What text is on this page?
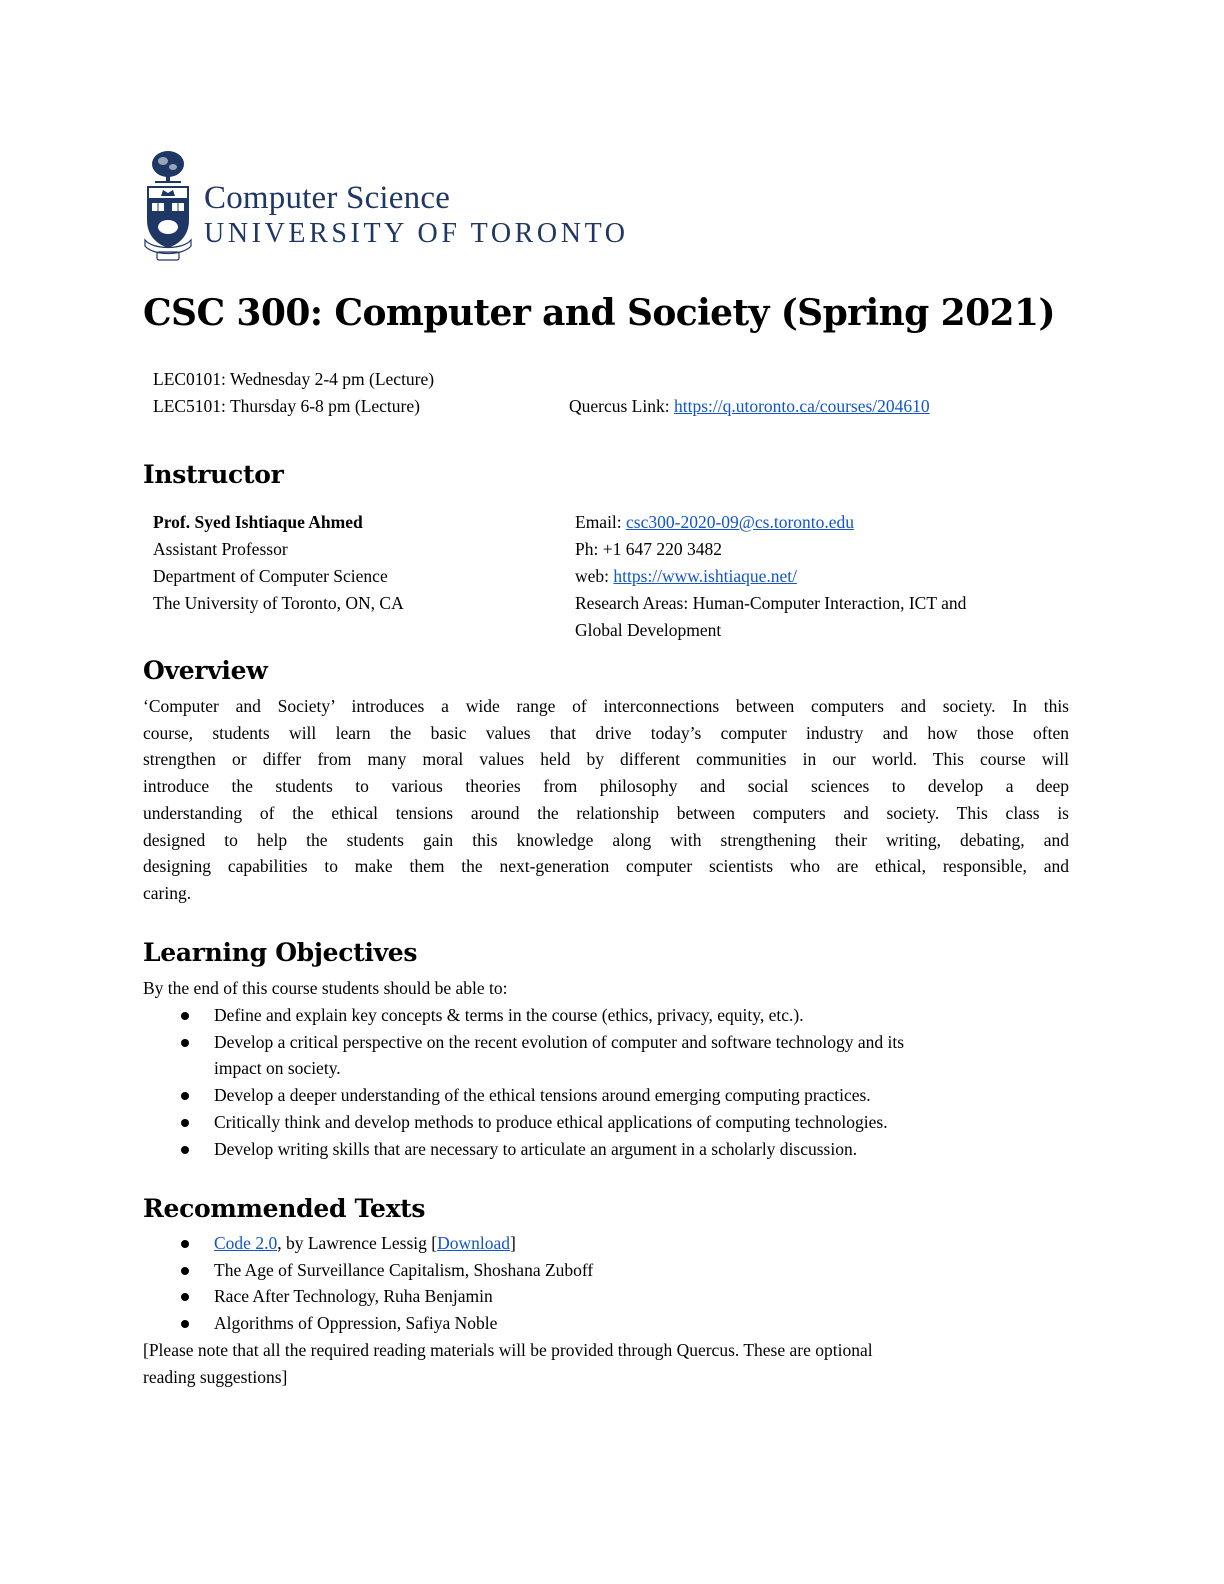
Computer Science
UNIVERSITY OF TORONTO
CSC 300: Computer and Society (Spring 2021)
LEC0101: Wednesday 2-4 pm (Lecture)
LEC5101: Thursday 6-8 pm (Lecture)	Quercus Link: https://q.utoronto.ca/courses/204610
Instructor
Prof. Syed Ishtiaque Ahmed
Assistant Professor
Department of Computer Science
The University of Toronto, ON, CA
Email: csc300-2020-09@cs.toronto.edu
Ph: +1 647 220 3482
web: https://www.ishtiaque.net/
Research Areas: Human-Computer Interaction, ICT and
Global Development
Overview
‘Computer and Society’ introduces a wide range of interconnections between computers and society. In this
course, students will learn the basic values that drive today’s computer industry and how those often
strengthen or differ from many moral values held by different communities in our world. This course will
introduce the students to various theories from philosophy and social sciences to develop a deep
understanding of the ethical tensions around the relationship between computers and society. This class is
designed to help the students gain this knowledge along with strengthening their writing, debating, and
designing capabilities to make them the next-generation computer scientists who are ethical, responsible, and
caring.
Learning Objectives
By the end of this course students should be able to:
Define and explain key concepts & terms in the course (ethics, privacy, equity, etc.).
Develop a critical perspective on the recent evolution of computer and software technology and its
impact on society.
Develop a deeper understanding of the ethical tensions around emerging computing practices.
Critically think and develop methods to produce ethical applications of computing technologies.
Develop writing skills that are necessary to articulate an argument in a scholarly discussion.
Recommended Texts
Code 2.0, by Lawrence Lessig [Download]
The Age of Surveillance Capitalism, Shoshana Zuboff
Race After Technology, Ruha Benjamin
Algorithms of Oppression, Safiya Noble
[Please note that all the required reading materials will be provided through Quercus. These are optional
reading suggestions]
